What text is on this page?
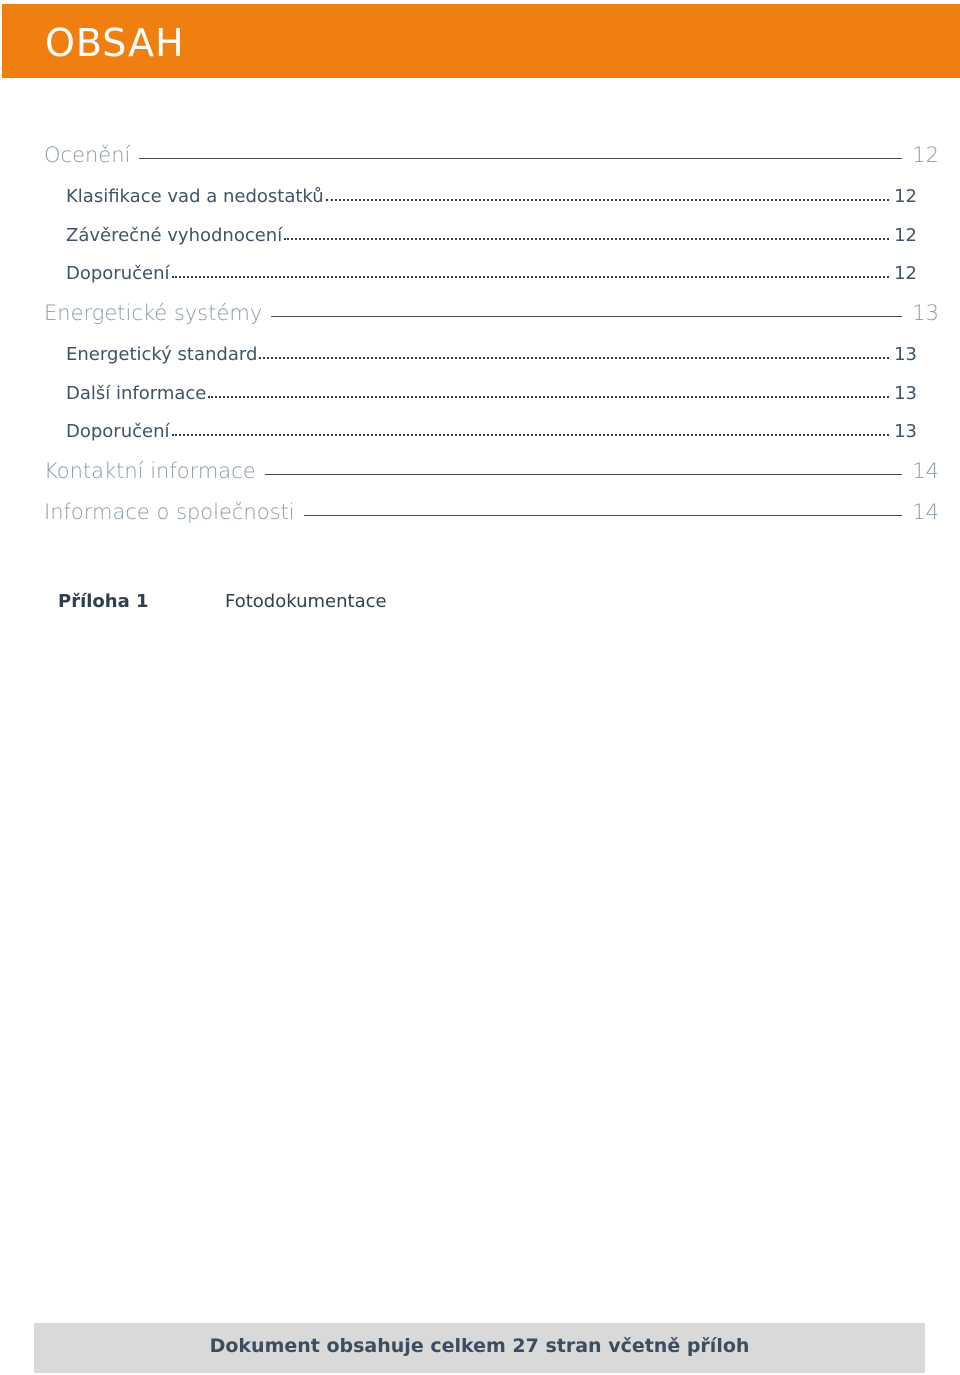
OBSAH
Ocenění	12
Klasifikace vad a nedostatků	12
Závěrečné vyhodnocení	12
Doporučení	12
Energetické systémy	13
Energetický standard	13
Další informace	13
Doporučení	13
Kontaktní informace	14
Informace o společnosti	14
Příloha 1	Fotodokumentace
Dokument obsahuje celkem 27 stran včetně příloh
